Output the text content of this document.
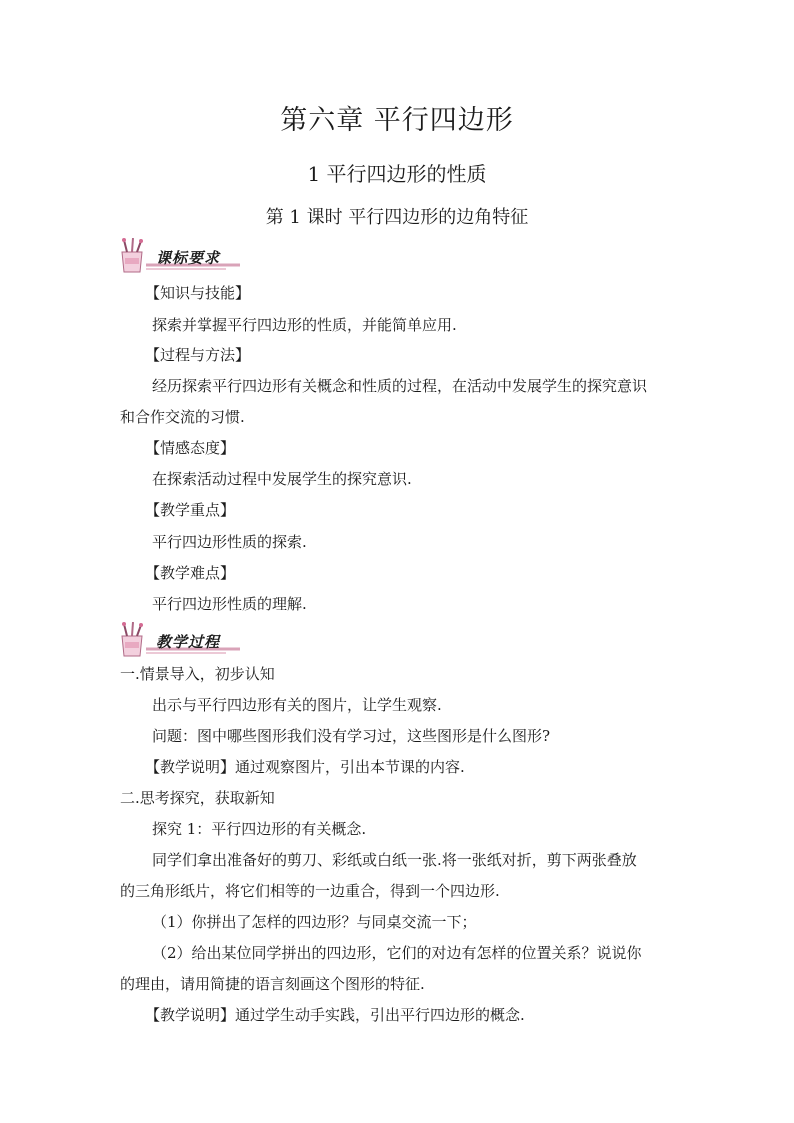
第六章 平行四边形
1 平行四边形的性质
第 1 课时 平行四边形的边角特征
课标要求
【知识与技能】
探索并掌握平行四边形的性质，并能简单应用.
【过程与方法】
经历探索平行四边形有关概念和性质的过程，在活动中发展学生的探究意识
和合作交流的习惯.
【情感态度】
在探索活动过程中发展学生的探究意识.
【教学重点】
平行四边形性质的探索.
【教学难点】
平行四边形性质的理解.
教学过程
一.情景导入，初步认知
出示与平行四边形有关的图片，让学生观察.
问题：图中哪些图形我们没有学习过，这些图形是什么图形?
【教学说明】通过观察图片，引出本节课的内容.
二.思考探究，获取新知
探究 1：平行四边形的有关概念.
同学们拿出准备好的剪刀、彩纸或白纸一张.将一张纸对折，剪下两张叠放
的三角形纸片，将它们相等的一边重合，得到一个四边形.
（1）你拼出了怎样的四边形？与同桌交流一下；
（2）给出某位同学拼出的四边形，它们的对边有怎样的位置关系？说说你
的理由，请用简捷的语言刻画这个图形的特征.
【教学说明】通过学生动手实践，引出平行四边形的概念.
